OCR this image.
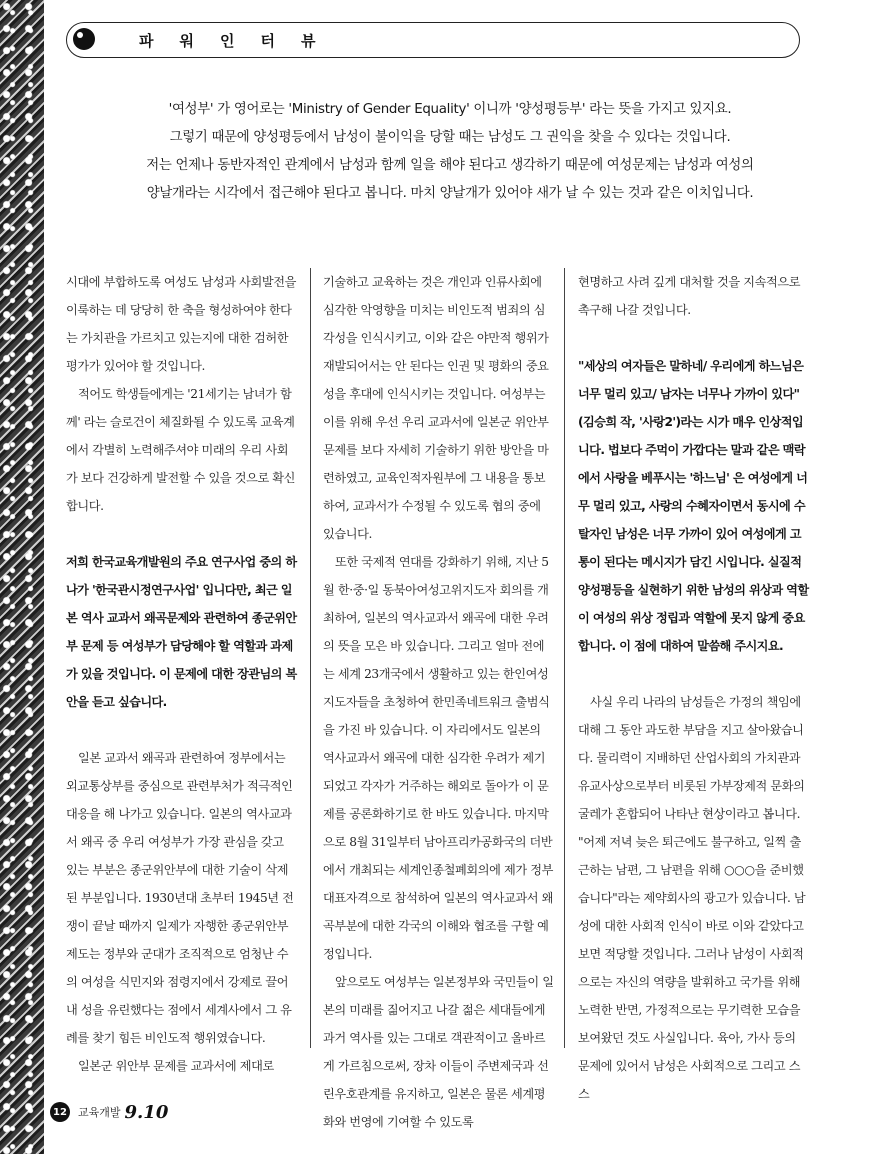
파워인터뷰

'여성부' 가 영어로는 'Ministry of Gender Equality' 이니까 '양성평등부' 라는 뜻을 가지고 있지요.

그렇기 때문에 양성평등에서 남성이 불이익을 당할 때는 남성도 그 권익을 찾을 수 있다는 것입니다.

저는 언제나 동반자적인 관계에서 남성과 함께 일을 해야 된다고 생각하기 때문에 여성문제는 남성과 여성의

양날개라는 시각에서 접근해야 된다고 봅니다. 마치 양날개가 있어야 새가 날 수 있는 것과 같은 이치입니다.

시대에 부합하도록 여성도 남성과 사회발전을 이룩하는 데 당당히 한 축을 형성하여야 한다는 가치관을 가르치고 있는지에 대한 검허한 평가가 있어야 할 것입니다.

적어도 학생들에게는 '21세기는 남녀가 함께' 라는 슬로건이 체질화될 수 있도록 교육계에서 각별히 노력해주셔야 미래의 우리 사회가 보다 건강하게 발전할 수 있을 것으로 확신합니다.

저희 한국교육개발원의 주요 연구사업 중의 하나가 '한국관시정연구사업' 입니다만, 최근 일본 역사 교과서 왜곡문제와 관련하여 종군위안부 문제 등 여성부가 담당해야 할 역할과 과제가 있을 것입니다. 이 문제에 대한 장관님의 복안을 듣고 싶습니다.

일본 교과서 왜곡과 관련하여 정부에서는 외교통상부를 중심으로 관련부처가 적극적인 대응을 해 나가고 있습니다. 일본의 역사교과서 왜곡 중 우리 여성부가 가장 관심을 갖고 있는 부분은 종군위안부에 대한 기술이 삭제된 부분입니다. 1930년대 초부터 1945년 전쟁이 끝날 때까지 일제가 자행한 종군위안부제도는 정부와 군대가 조직적으로 엄청난 수의 여성을 식민지와 점령지에서 강제로 끌어내 성을 유린했다는 점에서 세계사에서 그 유례를 찾기 힘든 비인도적 행위였습니다.

일본군 위안부 문제를 교과서에 제대로

기술하고 교육하는 것은 개인과 인류사회에 심각한 악영향을 미치는 비인도적 범죄의 심각성을 인식시키고, 이와 같은 야만적 행위가 재발되어서는 안 된다는 인권 및 평화의 중요성을 후대에 인식시키는 것입니다. 여성부는 이를 위해 우선 우리 교과서에 일본군 위안부 문제를 보다 자세히 기술하기 위한 방안을 마련하였고, 교육인적자원부에 그 내용을 통보하여, 교과서가 수정될 수 있도록 협의 중에 있습니다.

또한 국제적 연대를 강화하기 위해, 지난 5월 한·중·일 동북아여성고위지도자 회의를 개최하여, 일본의 역사교과서 왜곡에 대한 우려의 뜻을 모은 바 있습니다. 그리고 얼마 전에는 세계 23개국에서 생활하고 있는 한인여성지도자들을 초청하여 한민족네트워크 출범식을 가진 바 있습니다. 이 자리에서도 일본의 역사교과서 왜곡에 대한 심각한 우려가 제기되었고 각자가 거주하는 해외로 돌아가 이 문제를 공론화하기로 한 바도 있습니다. 마지막으로 8월 31일부터 남아프리카공화국의 더반에서 개최되는 세계인종철폐회의에 제가 정부대표자격으로 참석하여 일본의 역사교과서 왜곡부분에 대한 각국의 이해와 협조를 구할 예정입니다.

앞으로도 여성부는 일본정부와 국민들이 일본의 미래를 짊어지고 나갈 젊은 세대들에게 과거 역사를 있는 그대로 객관적이고 올바르게 가르침으로써, 장차 이들이 주변제국과 선린우호관계를 유지하고, 일본은 물론 세계평화와 번영에 기여할 수 있도록

현명하고 사려 깊게 대처할 것을 지속적으로 촉구해 나갈 것입니다.

"세상의 여자들은 말하네/ 우리에게 하느님은 너무 멀리 있고/ 남자는 너무나 가까이 있다"(김승희 작, '사랑2')라는 시가 매우 인상적입니다. 법보다 주먹이 가깝다는 말과 같은 맥락에서 사랑을 베푸시는 '하느님' 은 여성에게 너무 멀리 있고, 사랑의 수혜자이면서 동시에 수탈자인 남성은 너무 가까이 있어 여성에게 고통이 된다는 메시지가 담긴 시입니다. 실질적 양성평등을 실현하기 위한 남성의 위상과 역할이 여성의 위상 정립과 역할에 못지 않게 중요합니다. 이 점에 대하여 말씀해 주시지요.

사실 우리 나라의 남성들은 가정의 책임에 대해 그 동안 과도한 부담을 지고 살아왔습니다. 물리력이 지배하던 산업사회의 가치관과 유교사상으로부터 비롯된 가부장제적 문화의 굴레가 혼합되어 나타난 현상이라고 봅니다. "어제 저녁 늦은 퇴근에도 불구하고, 일찍 출근하는 남편, 그 남편을 위해 ○○○을 준비했습니다"라는 제약회사의 광고가 있습니다. 남성에 대한 사회적 인식이 바로 이와 같았다고 보면 적당할 것입니다. 그러나 남성이 사회적으로는 자신의 역량을 발휘하고 국가를 위해 노력한 반면, 가정적으로는 무기력한 모습을 보여왔던 것도 사실입니다. 육아, 가사 등의 문제에 있어서 남성은 사회적으로 그리고 스스

12 교육개발 9.10
